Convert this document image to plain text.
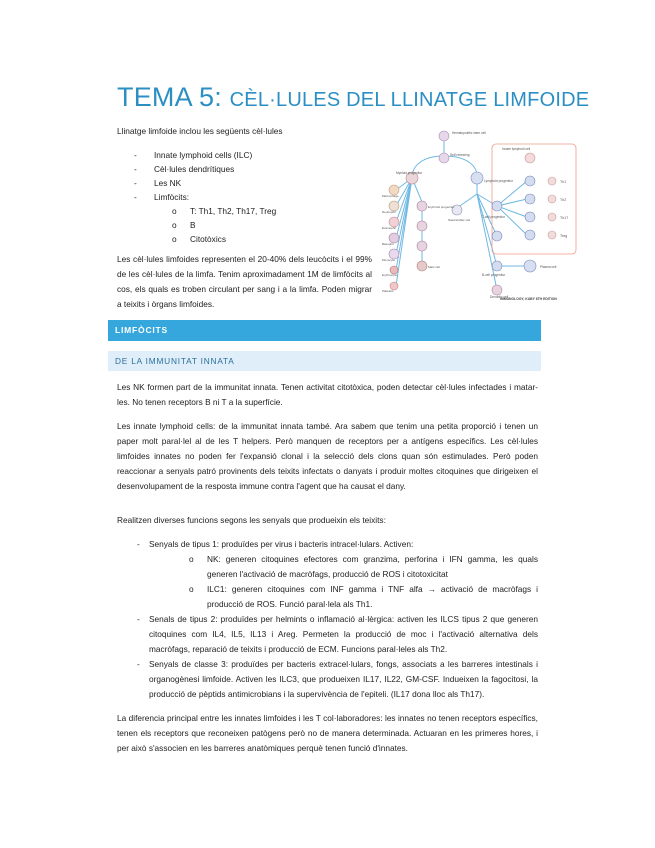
TEMA 5: CÈL·LULES DEL LLINATGE LIMFOIDE
Llinatge limfoide inclou les següents cèl·lules
- Innate lymphoid cells (ILC)
- Cèl·lules dendrítiques
- Les NK
- Limfòcits:
o T: Th1, Th2, Th17, Treg
o B
o Citotòxics
Les cèl·lules limfoides representen el 20-40% dels leucòcits i el 99% de les cèl·lules de la limfa. Tenim aproximadament 1M de limfòcits al cos, els quals es troben circulant per sang i a la limfa. Poden migrar a teixits i òrgans limfoides.
Hematopoietic stem cell
Self-renewing
Myeloid progenitor
Lymphoid progenitor
T-cell progenitor
B-cell progenitor
Innate lymphoid cell
Th1
Th2
Th17
Treg
Plasma cell
Dendritic cell
Macrophage
Neutrophil
Eosinophil
Basophil
Monocyte
Erythrocyte
Platelets
Mast cell
Natural killer cell
Erythroid progenitor
IMMUNOLOGY, KUBY 6TH EDITION
LIMFÒCITS
DE LA IMMUNITAT INNATA
Les NK formen part de la immunitat innata. Tenen activitat citotòxica, poden detectar cèl·lules infectades i matar-les. No tenen receptors B ni T a la superfície.
Les innate lymphoid cells: de la immunitat innata també. Ara sabem que tenim una petita proporció i tenen un paper molt paral·lel al de les T helpers. Però manquen de receptors per a antígens específics. Les cèl·lules limfoides innates no poden fer l'expansió clonal i la selecció dels clons quan són estimulades. Però poden reaccionar a senyals patró provinents dels teixits infectats o danyats i produir moltes citoquines que dirigeixen el desenvolupament de la resposta immune contra l'agent que ha causat el dany.
Realitzen diverses funcions segons les senyals que produeixin els teixits:
- Senyals de tipus 1: produïdes per virus i bacteris intracel·lulars. Activen:
o NK: generen citoquines efectores com granzima, perforina i IFN gamma, les quals generen l'activació de macròfags, producció de ROS i citotoxicitat
o ILC1: generen citoquines com INF gamma i TNF alfa → activació de macròfags i producció de ROS. Funció paral·lela als Th1.
- Senals de tipus 2: produïdes per helmints o inflamació al·lèrgica: activen les ILCS tipus 2 que generen citoquines com IL4, IL5, IL13 i Areg. Permeten la producció de moc i l'activació alternativa dels macròfags, reparació de teixits i producció de ECM. Funcions paral·leles als Th2.
- Senyals de classe 3: produïdes per bacteris extracel·lulars, fongs, associats a les barreres intestinals i organogènesi limfoide. Activen les ILC3, que produeixen IL17, IL22, GM-CSF. Indueixen la fagocitosi, la producció de pèptids antimicrobians i la supervivència de l'epiteli. (IL17 dona lloc als Th17).
La diferencia principal entre les innates limfoides i les T col·laboradores: les innates no tenen receptors específics, tenen els receptors que reconeixen patògens però no de manera determinada. Actuaran en les primeres hores, i per això s'associen en les barreres anatòmiques perquè tenen funció d'innates.
